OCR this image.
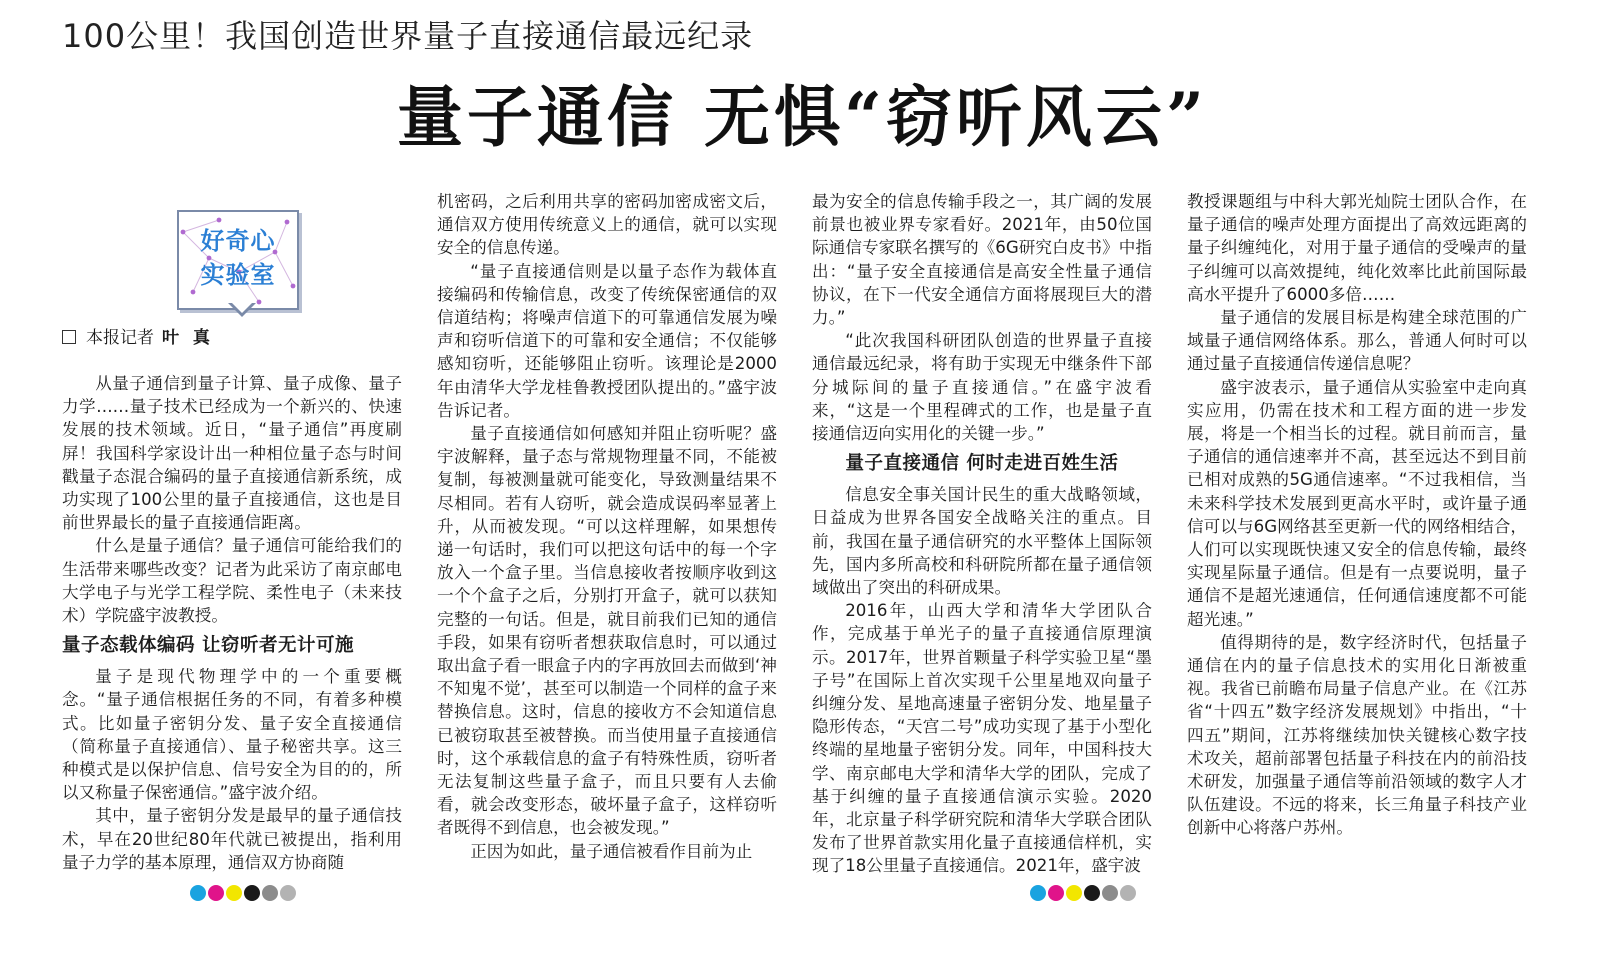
100公里！我国创造世界量子直接通信最远纪录
量子通信 无惧“窃听风云”
好奇心
实验室
本报记者 叶 真

从量子通信到量子计算、量子成像、量子力学……量子技术已经成为一个新兴的、快速发展的技术领域。近日，“量子通信”再度刷屏！我国科学家设计出一种相位量子态与时间戳量子态混合编码的量子直接通信新系统，成功实现了100公里的量子直接通信，这也是目前世界最长的量子直接通信距离。

什么是量子通信？量子通信可能给我们的生活带来哪些改变？记者为此采访了南京邮电大学电子与光学工程学院、柔性电子（未来技术）学院盛宇波教授。

量子态载体编码 让窃听者无计可施

量子是现代物理学中的一个重要概念。“量子通信根据任务的不同，有着多种模式。比如量子密钥分发、量子安全直接通信（简称量子直接通信）、量子秘密共享。这三种模式是以保护信息、信号安全为目的的，所以又称量子保密通信。”盛宇波介绍。

其中，量子密钥分发是最早的量子通信技术，早在20世纪80年代就已被提出，指利用量子力学的基本原理，通信双方协商随

机密码，之后利用共享的密码加密成密文后，通信双方使用传统意义上的通信，就可以实现安全的信息传递。

“量子直接通信则是以量子态作为载体直接编码和传输信息，改变了传统保密通信的双信道结构；将噪声信道下的可靠通信发展为噪声和窃听信道下的可靠和安全通信；不仅能够感知窃听，还能够阻止窃听。该理论是2000年由清华大学龙桂鲁教授团队提出的。”盛宇波告诉记者。

量子直接通信如何感知并阻止窃听呢？盛宇波解释，量子态与常规物理量不同，不能被复制，每被测量就可能变化，导致测量结果不尽相同。若有人窃听，就会造成误码率显著上升，从而被发现。“可以这样理解，如果想传递一句话时，我们可以把这句话中的每一个字放入一个盒子里。当信息接收者按顺序收到这一个个盒子之后，分别打开盒子，就可以获知完整的一句话。但是，就目前我们已知的通信手段，如果有窃听者想获取信息时，可以通过取出盒子看一眼盒子内的字再放回去而做到‘神不知鬼不觉’，甚至可以制造一个同样的盒子来替换信息。这时，信息的接收方不会知道信息已被窃取甚至被替换。而当使用量子直接通信时，这个承载信息的盒子有特殊性质，窃听者无法复制这些量子盒子，而且只要有人去偷看，就会改变形态，破坏量子盒子，这样窃听者既得不到信息，也会被发现。”

正因为如此，量子通信被看作目前为止

最为安全的信息传输手段之一，其广阔的发展前景也被业界专家看好。2021年，由50位国际通信专家联名撰写的《6G研究白皮书》中指出：“量子安全直接通信是高安全性量子通信协议，在下一代安全通信方面将展现巨大的潜力。”

“此次我国科研团队创造的世界量子直接通信最远纪录，将有助于实现无中继条件下部分城际间的量子直接通信。”在盛宇波看来，“这是一个里程碑式的工作，也是量子直接通信迈向实用化的关键一步。”

量子直接通信 何时走进百姓生活

信息安全事关国计民生的重大战略领域，日益成为世界各国安全战略关注的重点。目前，我国在量子通信研究的水平整体上国际领先，国内多所高校和科研院所都在量子通信领域做出了突出的科研成果。

2016年，山西大学和清华大学团队合作，完成基于单光子的量子直接通信原理演示。2017年，世界首颗量子科学实验卫星“墨子号”在国际上首次实现千公里星地双向量子纠缠分发、星地高速量子密钥分发、地星量子隐形传态，“天宫二号”成功实现了基于小型化终端的星地量子密钥分发。同年，中国科技大学、南京邮电大学和清华大学的团队，完成了基于纠缠的量子直接通信演示实验。2020年，北京量子科学研究院和清华大学联合团队发布了世界首款实用化量子直接通信样机，实现了18公里量子直接通信。2021年，盛宇波

教授课题组与中科大郭光灿院士团队合作，在量子通信的噪声处理方面提出了高效远距离的量子纠缠纯化，对用于量子通信的受噪声的量子纠缠可以高效提纯，纯化效率比此前国际最高水平提升了6000多倍……

量子通信的发展目标是构建全球范围的广域量子通信网络体系。那么，普通人何时可以通过量子直接通信传递信息呢？

盛宇波表示，量子通信从实验室中走向真实应用，仍需在技术和工程方面的进一步发展，将是一个相当长的过程。就目前而言，量子通信的通信速率并不高，甚至远达不到目前已相对成熟的5G通信速率。“不过我相信，当未来科学技术发展到更高水平时，或许量子通信可以与6G网络甚至更新一代的网络相结合，人们可以实现既快速又安全的信息传输，最终实现星际量子通信。但是有一点要说明，量子通信不是超光速通信，任何通信速度都不可能超光速。”

值得期待的是，数字经济时代，包括量子通信在内的量子信息技术的实用化日渐被重视。我省已前瞻布局量子信息产业。在《江苏省“十四五”数字经济发展规划》中指出，“十四五”期间，江苏将继续加快关键核心数字技术攻关，超前部署包括量子科技在内的前沿技术研发，加强量子通信等前沿领域的数字人才队伍建设。不远的将来，长三角量子科技产业创新中心将落户苏州。
